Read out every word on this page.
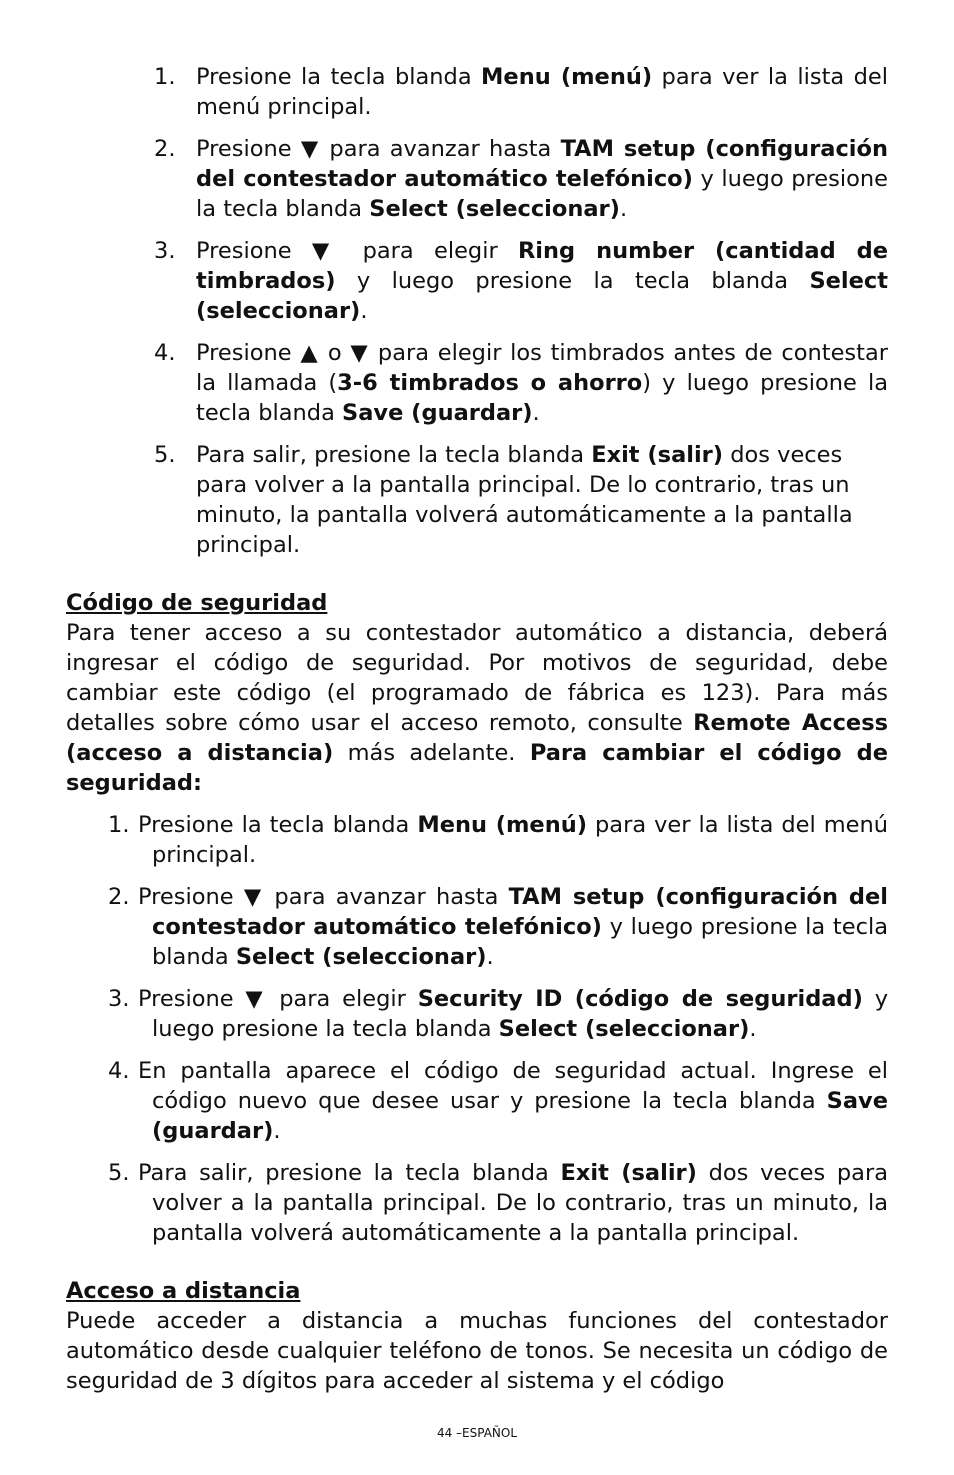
1. Presione la tecla blanda Menu (menú) para ver la lista del menú principal.
2. Presione ▼ para avanzar hasta TAM setup (configuración del contestador automático telefónico) y luego presione la tecla blanda Select (seleccionar).
3. Presione ▼ para elegir Ring number (cantidad de timbrados) y luego presione la tecla blanda Select (seleccionar).
4. Presione ▲ o ▼ para elegir los timbrados antes de contestar la llamada (3-6 timbrados o ahorro) y luego presione la tecla blanda Save (guardar).
5. Para salir, presione la tecla blanda Exit (salir) dos veces para volver a la pantalla principal. De lo contrario, tras un minuto, la pantalla volverá automáticamente a la pantalla principal.
Código de seguridad
Para tener acceso a su contestador automático a distancia, deberá ingresar el código de seguridad. Por motivos de seguridad, debe cambiar este código (el programado de fábrica es 123). Para más detalles sobre cómo usar el acceso remoto, consulte Remote Access (acceso a distancia) más adelante. Para cambiar el código de seguridad:
1. Presione la tecla blanda Menu (menú) para ver la lista del menú principal.
2. Presione ▼ para avanzar hasta TAM setup (configuración del contestador automático telefónico) y luego presione la tecla blanda Select (seleccionar).
3. Presione ▼ para elegir Security ID (código de seguridad) y luego presione la tecla blanda Select (seleccionar).
4. En pantalla aparece el código de seguridad actual. Ingrese el código nuevo que desee usar y presione la tecla blanda Save (guardar).
5. Para salir, presione la tecla blanda Exit (salir) dos veces para volver a la pantalla principal. De lo contrario, tras un minuto, la pantalla volverá automáticamente a la pantalla principal.
Acceso a distancia
Puede acceder a distancia a muchas funciones del contestador automático desde cualquier teléfono de tonos. Se necesita un código de seguridad de 3 dígitos para acceder al sistema y el código
44 –ESPAÑOL
